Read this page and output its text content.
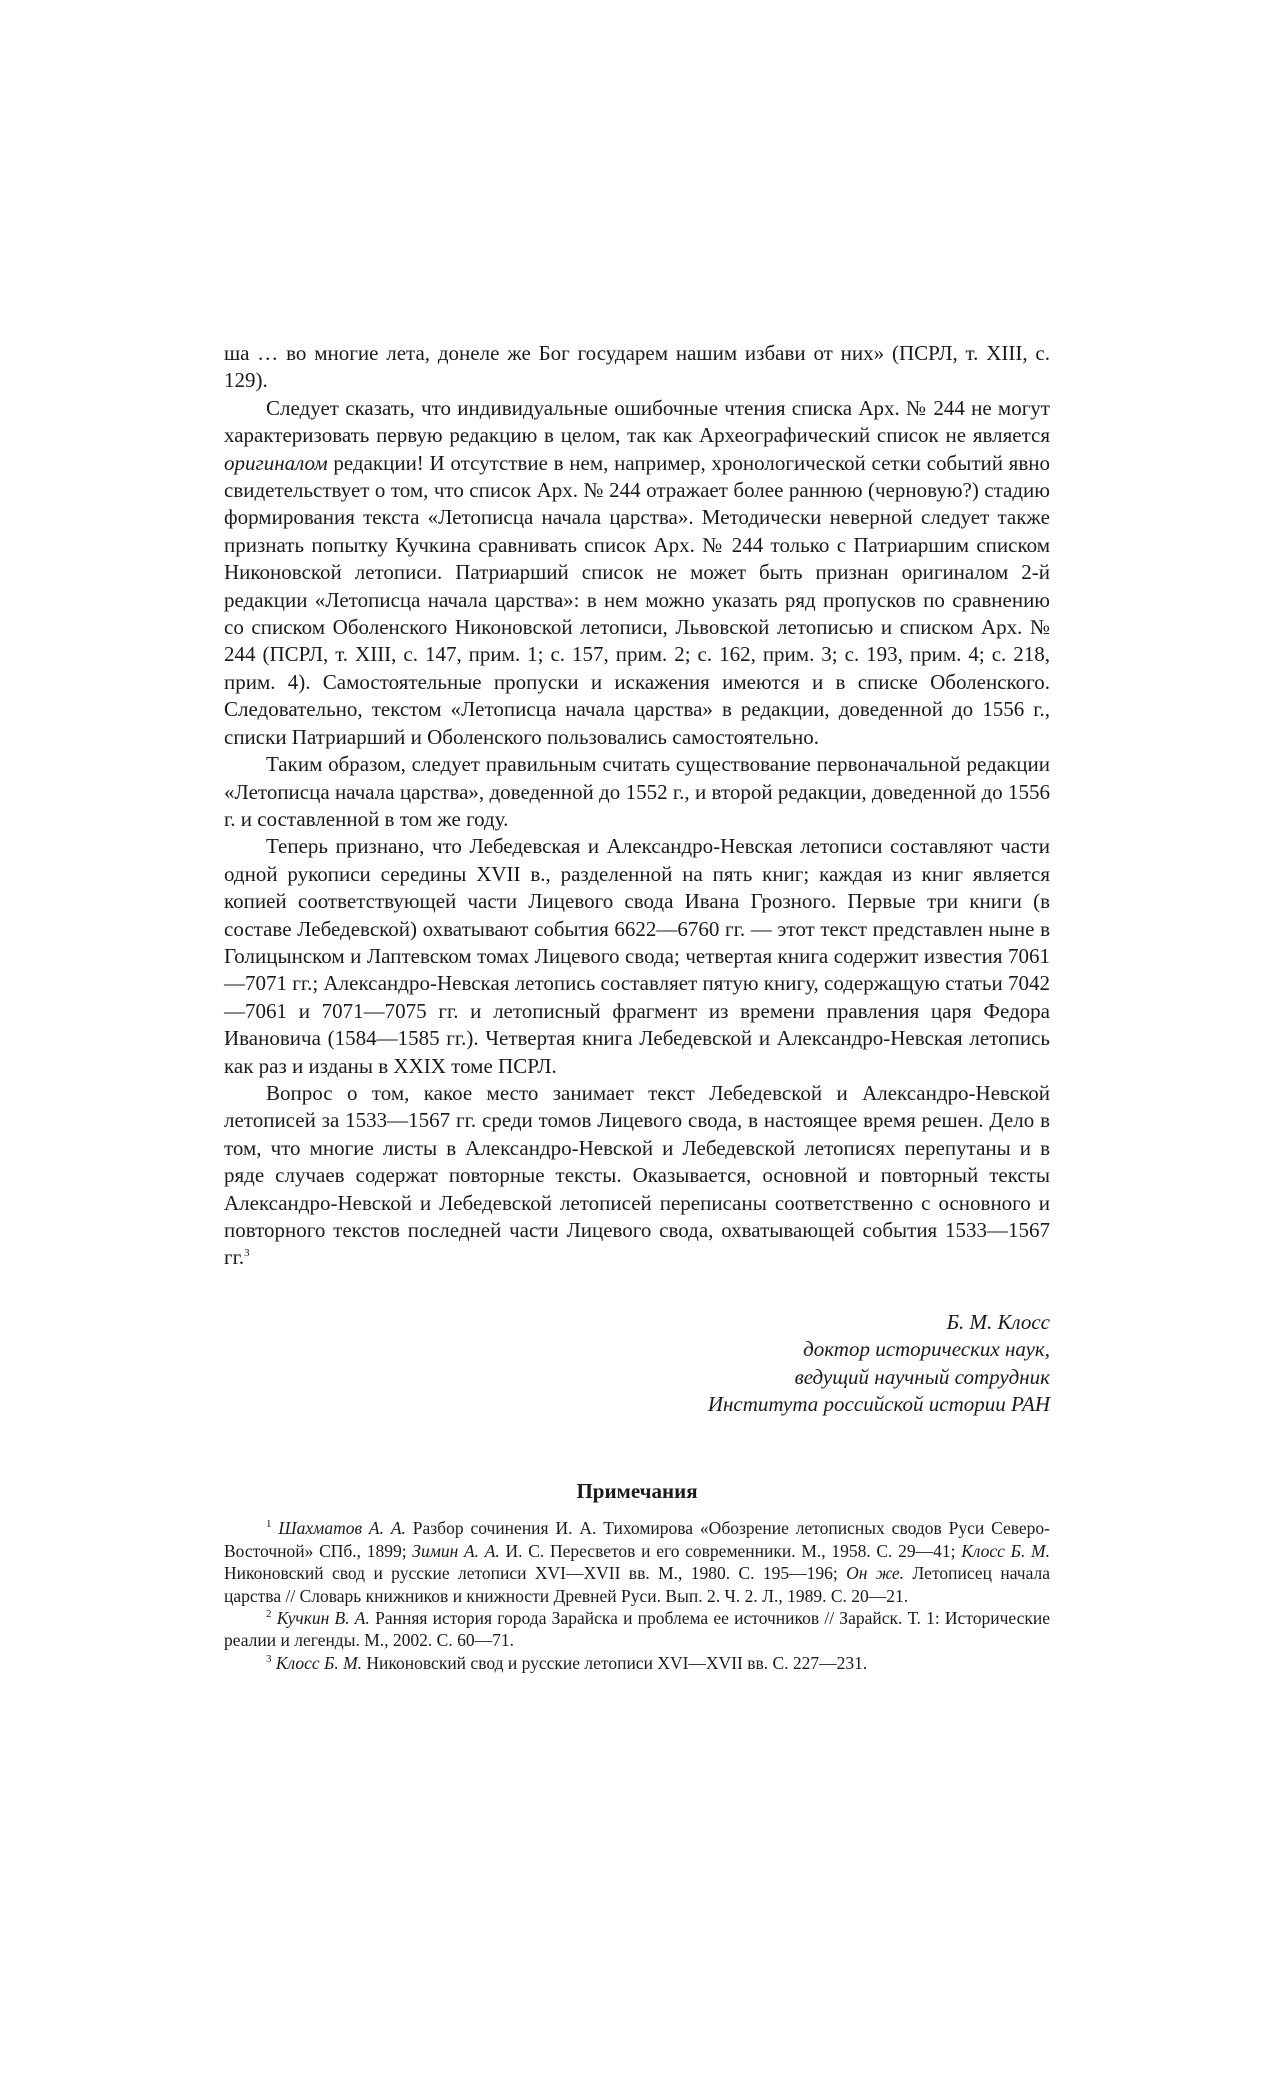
ша … во многие лета, донеле же Бог государем нашим избави от них» (ПСРЛ, т. XIII, с. 129).

Следует сказать, что индивидуальные ошибочные чтения списка Арх. № 244 не могут характеризовать первую редакцию в целом, так как Археографический список не является оригиналом редакции! И отсутствие в нем, например, хронологической сетки событий явно свидетельствует о том, что список Арх. № 244 отражает более раннюю (черновую?) стадию формирования текста «Летописца начала царства». Методически неверной следует также признать попытку Кучкина сравнивать список Арх. № 244 только с Патриаршим списком Никоновской летописи. Патриарший список не может быть признан оригиналом 2-й редакции «Летописца начала царства»: в нем можно указать ряд пропусков по сравнению со списком Оболенского Никоновской летописи, Львовской летописью и списком Арх. № 244 (ПСРЛ, т. XIII, с. 147, прим. 1; с. 157, прим. 2; с. 162, прим. 3; с. 193, прим. 4; с. 218, прим. 4). Самостоятельные пропуски и искажения имеются и в списке Оболенского. Следовательно, текстом «Летописца начала царства» в редакции, доведенной до 1556 г., списки Патриарший и Оболенского пользовались самостоятельно.

Таким образом, следует правильным считать существование первоначальной редакции «Летописца начала царства», доведенной до 1552 г., и второй редакции, доведенной до 1556 г. и составленной в том же году.

Теперь признано, что Лебедевская и Александро-Невская летописи составляют части одной рукописи середины XVII в., разделенной на пять книг; каждая из книг является копией соответствующей части Лицевого свода Ивана Грозного. Первые три книги (в составе Лебедевской) охватывают события 6622—6760 гг. — этот текст представлен ныне в Голицынском и Лаптевском томах Лицевого свода; четвертая книга содержит известия 7061—7071 гг.; Александро-Невская летопись составляет пятую книгу, содержащую статьи 7042—7061 и 7071—7075 гг. и летописный фрагмент из времени правления царя Федора Ивановича (1584—1585 гг.). Четвертая книга Лебедевской и Александро-Невская летопись как раз и изданы в XXIX томе ПСРЛ.

Вопрос о том, какое место занимает текст Лебедевской и Александро-Невской летописей за 1533—1567 гг. среди томов Лицевого свода, в настоящее время решен. Дело в том, что многие листы в Александро-Невской и Лебедевской летописях перепутаны и в ряде случаев содержат повторные тексты. Оказывается, основной и повторный тексты Александро-Невской и Лебедевской летописей переписаны соответственно с основного и повторного текстов последней части Лицевого свода, охватывающей события 1533—1567 гг.$^3$

Б. М. Клосс
доктор исторических наук,
ведущий научный сотрудник
Института российской истории РАН
Примечания

$^1$ Шахматов А. А. Разбор сочинения И. А. Тихомирова «Обозрение летописных сводов Руси Северо-Восточной» СПб., 1899; Зимин А. А. И. С. Пересветов и его современники. М., 1958. С. 29—41; Клосс Б. М. Никоновский свод и русские летописи XVI—XVII вв. М., 1980. С. 195—196; Он же. Летописец начала царства // Словарь книжников и книжности Древней Руси. Вып. 2. Ч. 2. Л., 1989. С. 20—21.

$^2$ Кучкин В. А. Ранняя история города Зарайска и проблема ее источников // Зарайск. Т. 1: Исторические реалии и легенды. М., 2002. С. 60—71.

$^3$ Клосс Б. М. Никоновский свод и русские летописи XVI—XVII вв. С. 227—231.
